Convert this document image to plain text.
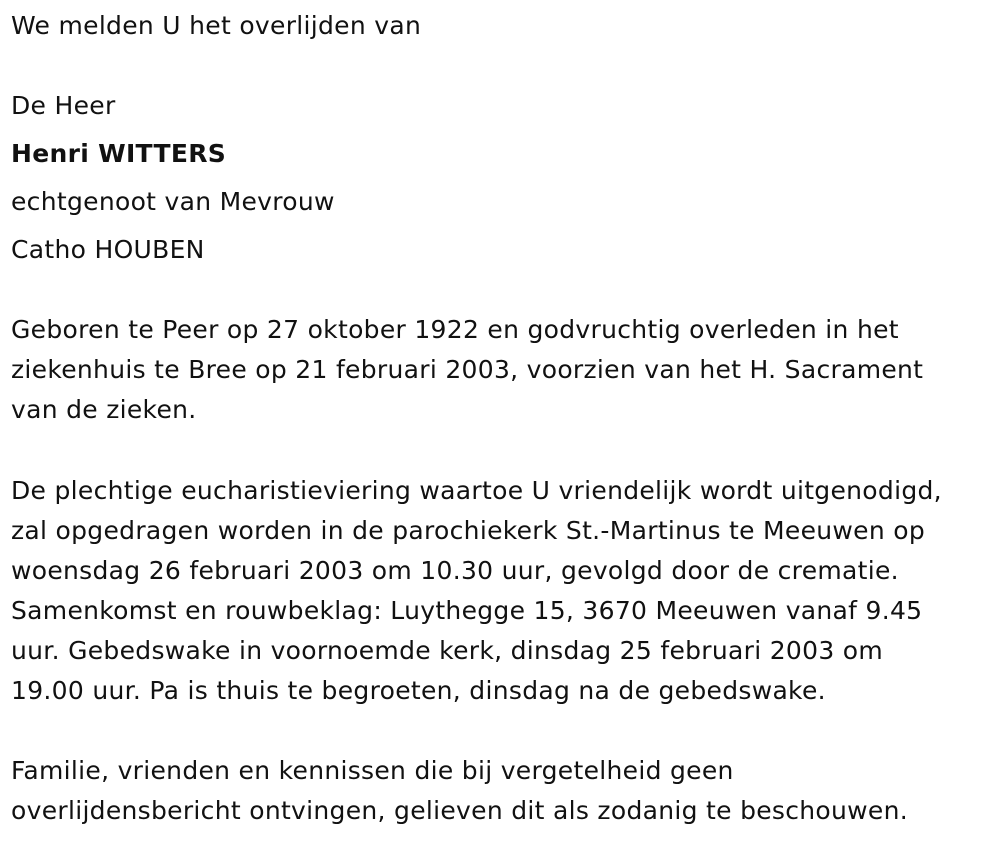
We melden U het overlijden van
De Heer
Henri WITTERS
echtgenoot van Mevrouw
Catho HOUBEN
Geboren te Peer op 27 oktober 1922 en godvruchtig overleden in het
ziekenhuis te Bree op 21 februari 2003, voorzien van het H. Sacrament
van de zieken.
De plechtige eucharistieviering waartoe U vriendelijk wordt uitgenodigd,
zal opgedragen worden in de parochiekerk St.-Martinus te Meeuwen op
woensdag 26 februari 2003 om 10.30 uur, gevolgd door de crematie.
Samenkomst en rouwbeklag: Luythegge 15, 3670 Meeuwen vanaf 9.45
uur. Gebedswake in voornoemde kerk, dinsdag 25 februari 2003 om
19.00 uur. Pa is thuis te begroeten, dinsdag na de gebedswake.
Familie, vrienden en kennissen die bij vergetelheid geen
overlijdensbericht ontvingen, gelieven dit als zodanig te beschouwen.
